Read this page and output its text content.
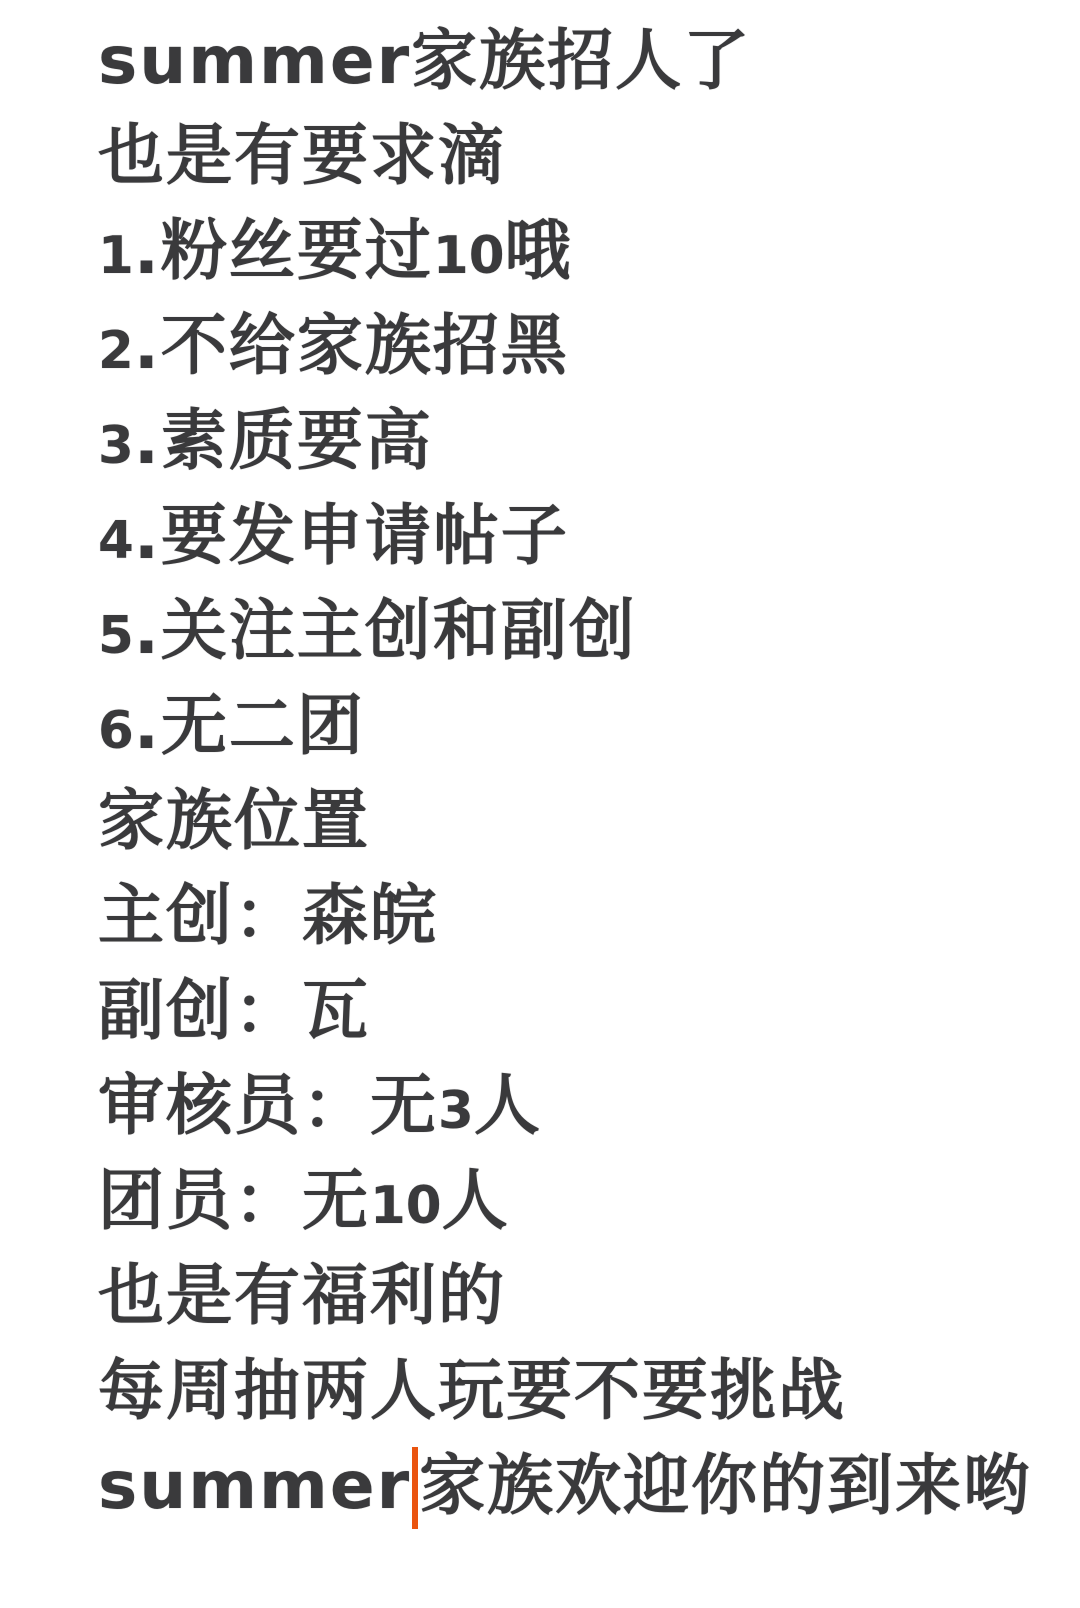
summer家族招人了
也是有要求滴
1.粉丝要过10哦
2.不给家族招黑
3.素质要高
4.要发申请帖子
5.关注主创和副创
6.无二团
家族位置
主创：森皖
副创：瓦
审核员：无3人
团员：无10人
也是有福利的
每周抽两人玩要不要挑战
summer 家族欢迎你的到来哟
